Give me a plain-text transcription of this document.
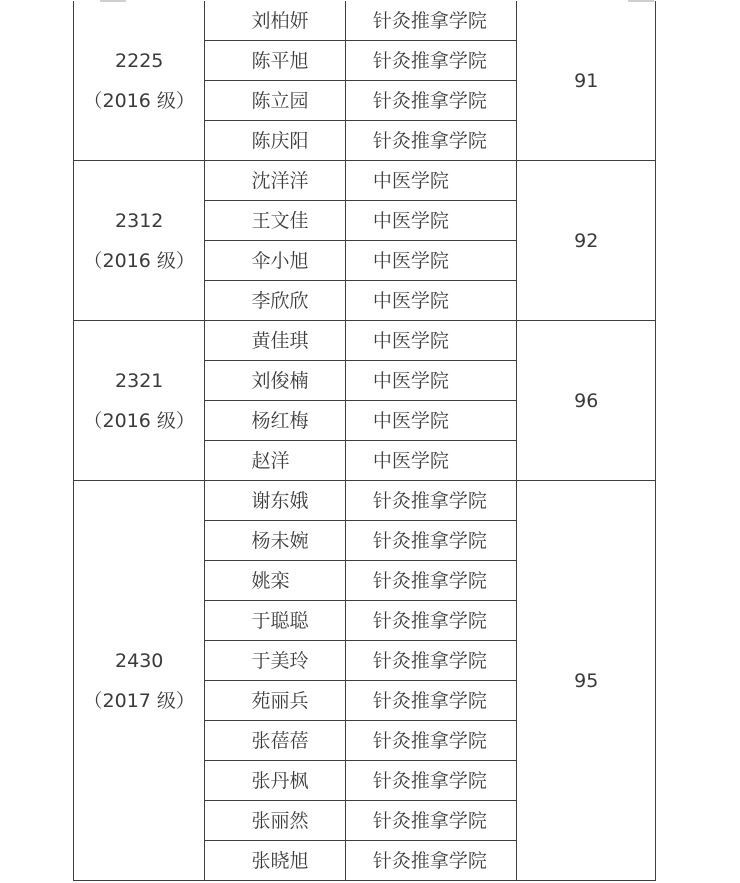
2225
（2016 级）	刘柏妍	针灸推拿学院	91
	陈平旭	针灸推拿学院	
	陈立园	针灸推拿学院	
	陈庆阳	针灸推拿学院	

2312
（2016 级）	沈洋洋	中医学院	92
	王文佳	中医学院	
	伞小旭	中医学院	
	李欣欣	中医学院	

2321
（2016 级）	黄佳琪	中医学院	96
	刘俊楠	中医学院	
	杨红梅	中医学院	
	赵洋	中医学院	

2430
（2017 级）	谢东娥	针灸推拿学院	95
	杨未婉	针灸推拿学院	
	姚栾	针灸推拿学院	
	于聪聪	针灸推拿学院	
	于美玲	针灸推拿学院	
	苑丽兵	针灸推拿学院	
	张蓓蓓	针灸推拿学院	
	张丹枫	针灸推拿学院	
	张丽然	针灸推拿学院	
	张晓旭	针灸推拿学院	
